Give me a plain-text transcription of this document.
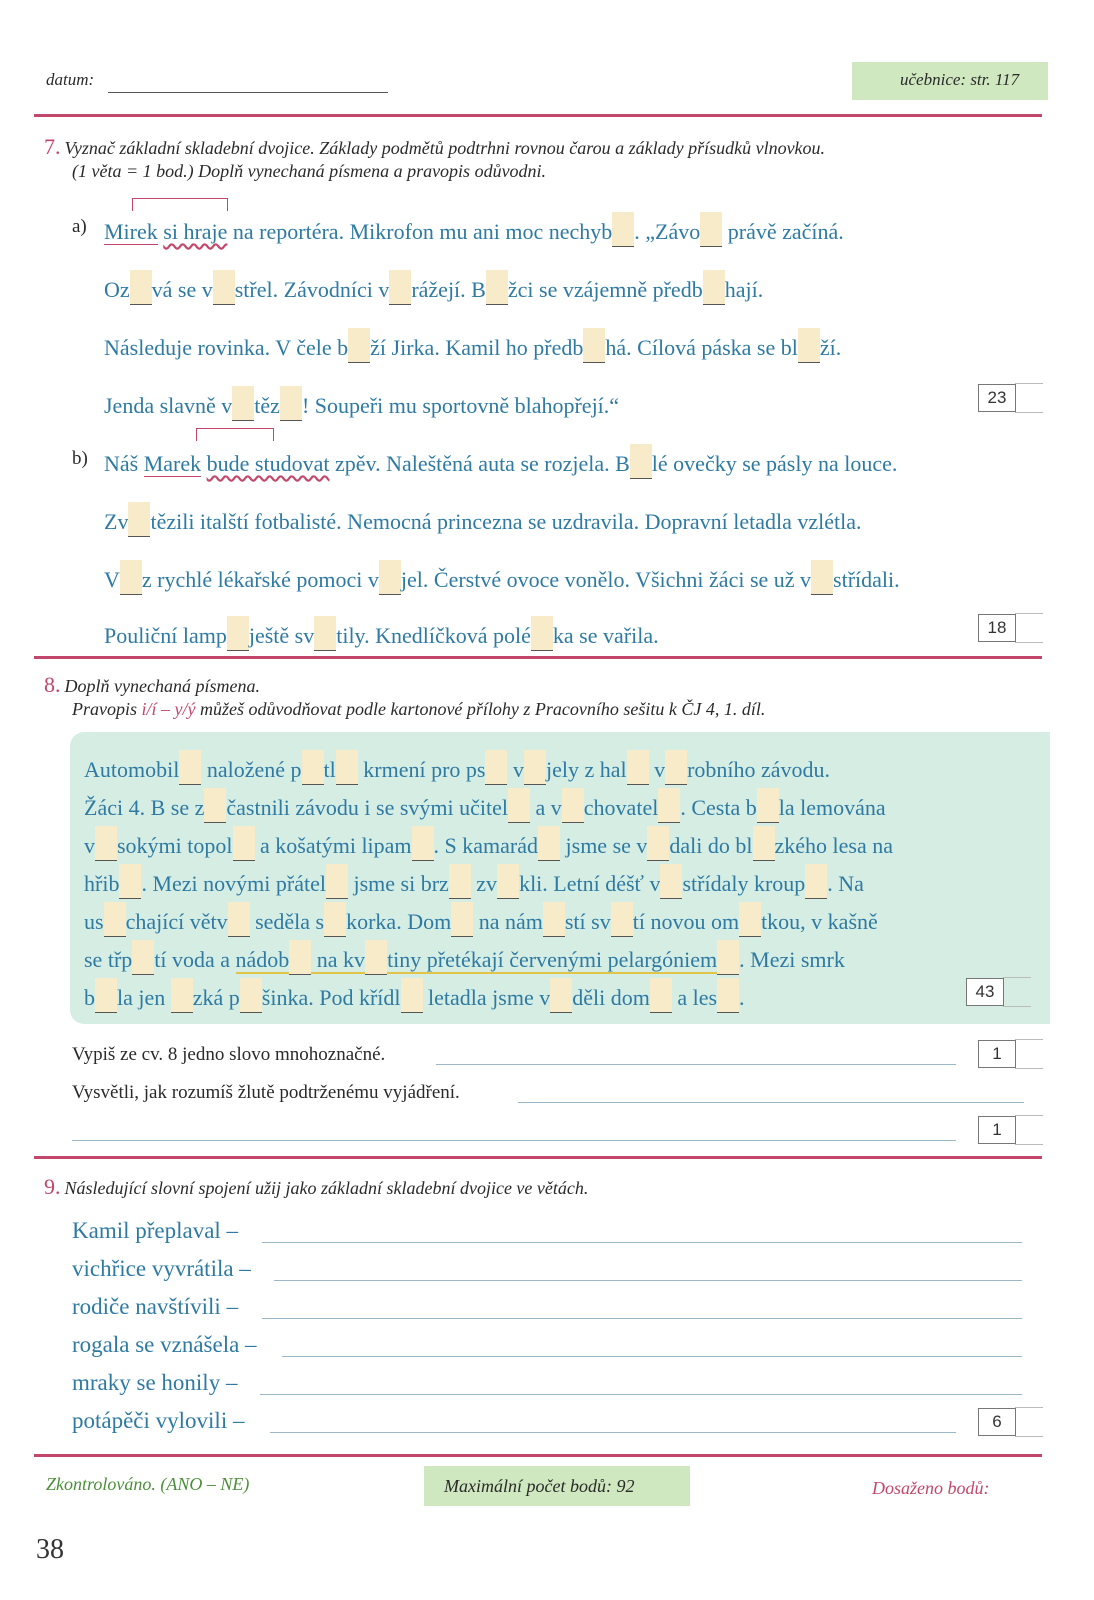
datum:	učebnice: str. 117
7. Vyznač základní skladební dvojice. Základy podmětů podtrhni rovnou čarou a základy přísudků vlnovkou.
(1 věta = 1 bod.) Doplň vynechaná písmena a pravopis odůvodni.
a) Mirek si hraje na reportéra. Mikrofon mu ani moc nechyb . „Závo právě začíná.
Oz vá se v střel. Závodníci v rážejí. B žci se vzájemně předb hají.
Následuje rovinka. V čele b ží Jirka. Kamil ho předb há. Cílová páska se bl ží.
Jenda slavně v těz ! Soupeři mu sportovně blahopřejí.“	23
b) Náš Marek bude studovat zpěv. Naleštěná auta se rozjela. B lé ovečky se pásly na louce.
Zv tězili italští fotbalisté. Nemocná princezna se uzdravila. Dopravní letadla vzlétla.
V z rychlé lékařské pomoci v jel. Čerstvé ovoce vonělo. Všichni žáci se už v střídali.
Pouliční lamp ještě sv tily. Knedlíčková polé ka se vařila.	18
8. Doplň vynechaná písmena.
Pravopis i/í – y/ý můžeš odůvodňovat podle kartonové přílohy z Pracovního sešitu k ČJ 4, 1. díl.
Automobil naložené p tl krmení pro ps v jely z hal v robního závodu.
Žáci 4. B se z častnili závodu i se svými učitel a v chovatel . Cesta b la lemována
v sokými topol a košatými lipam . S kamarád jsme se v dali do bl zkého lesa na
hřib . Mezi novými přátel jsme si brz zv kli. Letní déšť v střídaly kroup . Na
us chající větv seděla s korka. Dom na nám stí sv tí novou om tkou, v kašně
se třp tí voda a nádob na kv tiny přetékají červenými pelargóniem . Mezi smrk
b la jen zká p šinka. Pod křídl letadla jsme v děli dom a les .	43
Vypiš ze cv. 8 jedno slovo mnohoznačné.	1
Vysvětli, jak rozumíš žlutě podtrženému vyjádření.
1
9. Následující slovní spojení užij jako základní skladební dvojice ve větách.
Kamil přeplaval –
vichřice vyvrátila –
rodiče navštívili –
rogala se vznášela –
mraky se honily –
potápěči vylovili –	6
Zkontrolováno. (ANO – NE)	Maximální počet bodů: 92	Dosaženo bodů:
38
